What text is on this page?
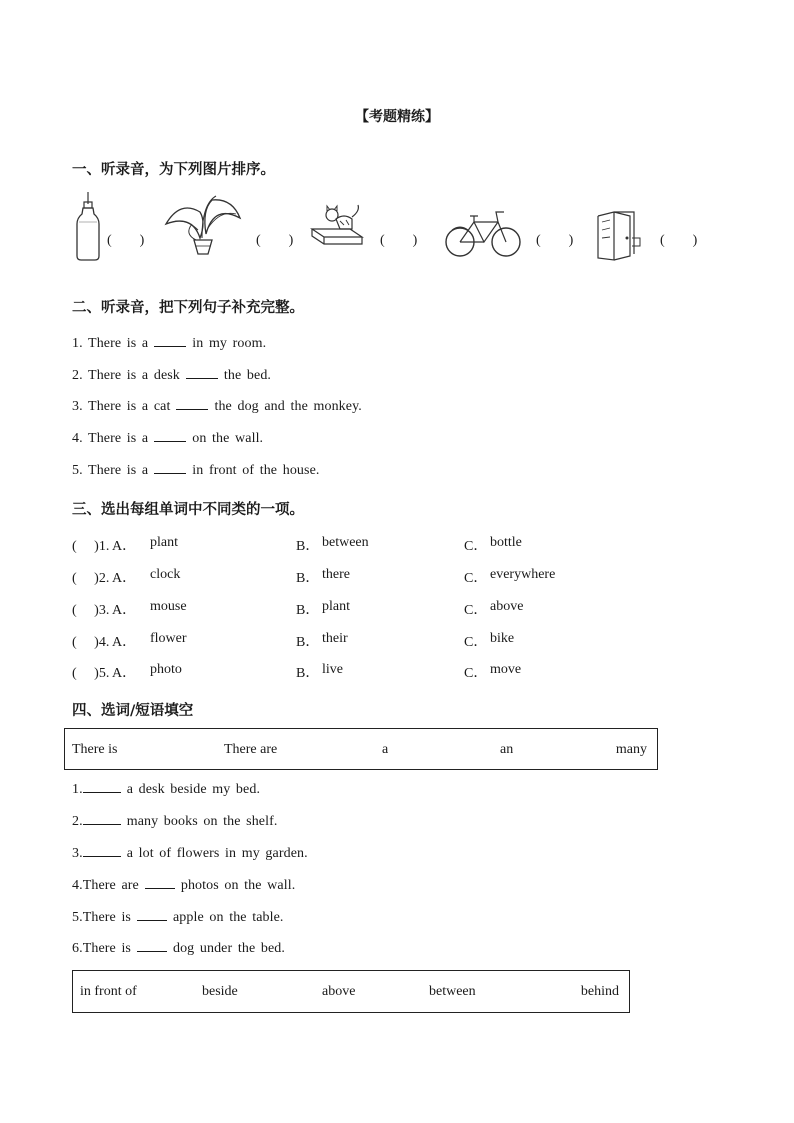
【考题精练】
一、听录音，为下列图片排序。
(　　)	(　　)	(　　)	(　　)	(　　)
二、听录音，把下列句子补充完整。
1. There is a	in my room.
2. There is a desk	the bed.
3. There is a cat	the dog and the monkey.
4. There is a	on the wall.
5. There is a	in front of the house.
三、选出每组单词中不同类的一项。
(　 )1. A． plant	B． between	C． bottle
(　 )2. A． clock	B． there	C． everywhere
(　 )3. A． mouse	B． plant	C． above
(　 )4. A． flower	B． their	C． bike
(　 )5. A． photo	B． live	C． move
四、选词/短语填空
There is	There are	a	an	many
1.	a desk beside my bed.
2.	many books on the shelf.
3.	a lot of flowers in my garden.
4.There are	photos on the wall.
5.There is	apple on the table.
6.There is	dog under the bed.
in front of	beside	above	between	behind
